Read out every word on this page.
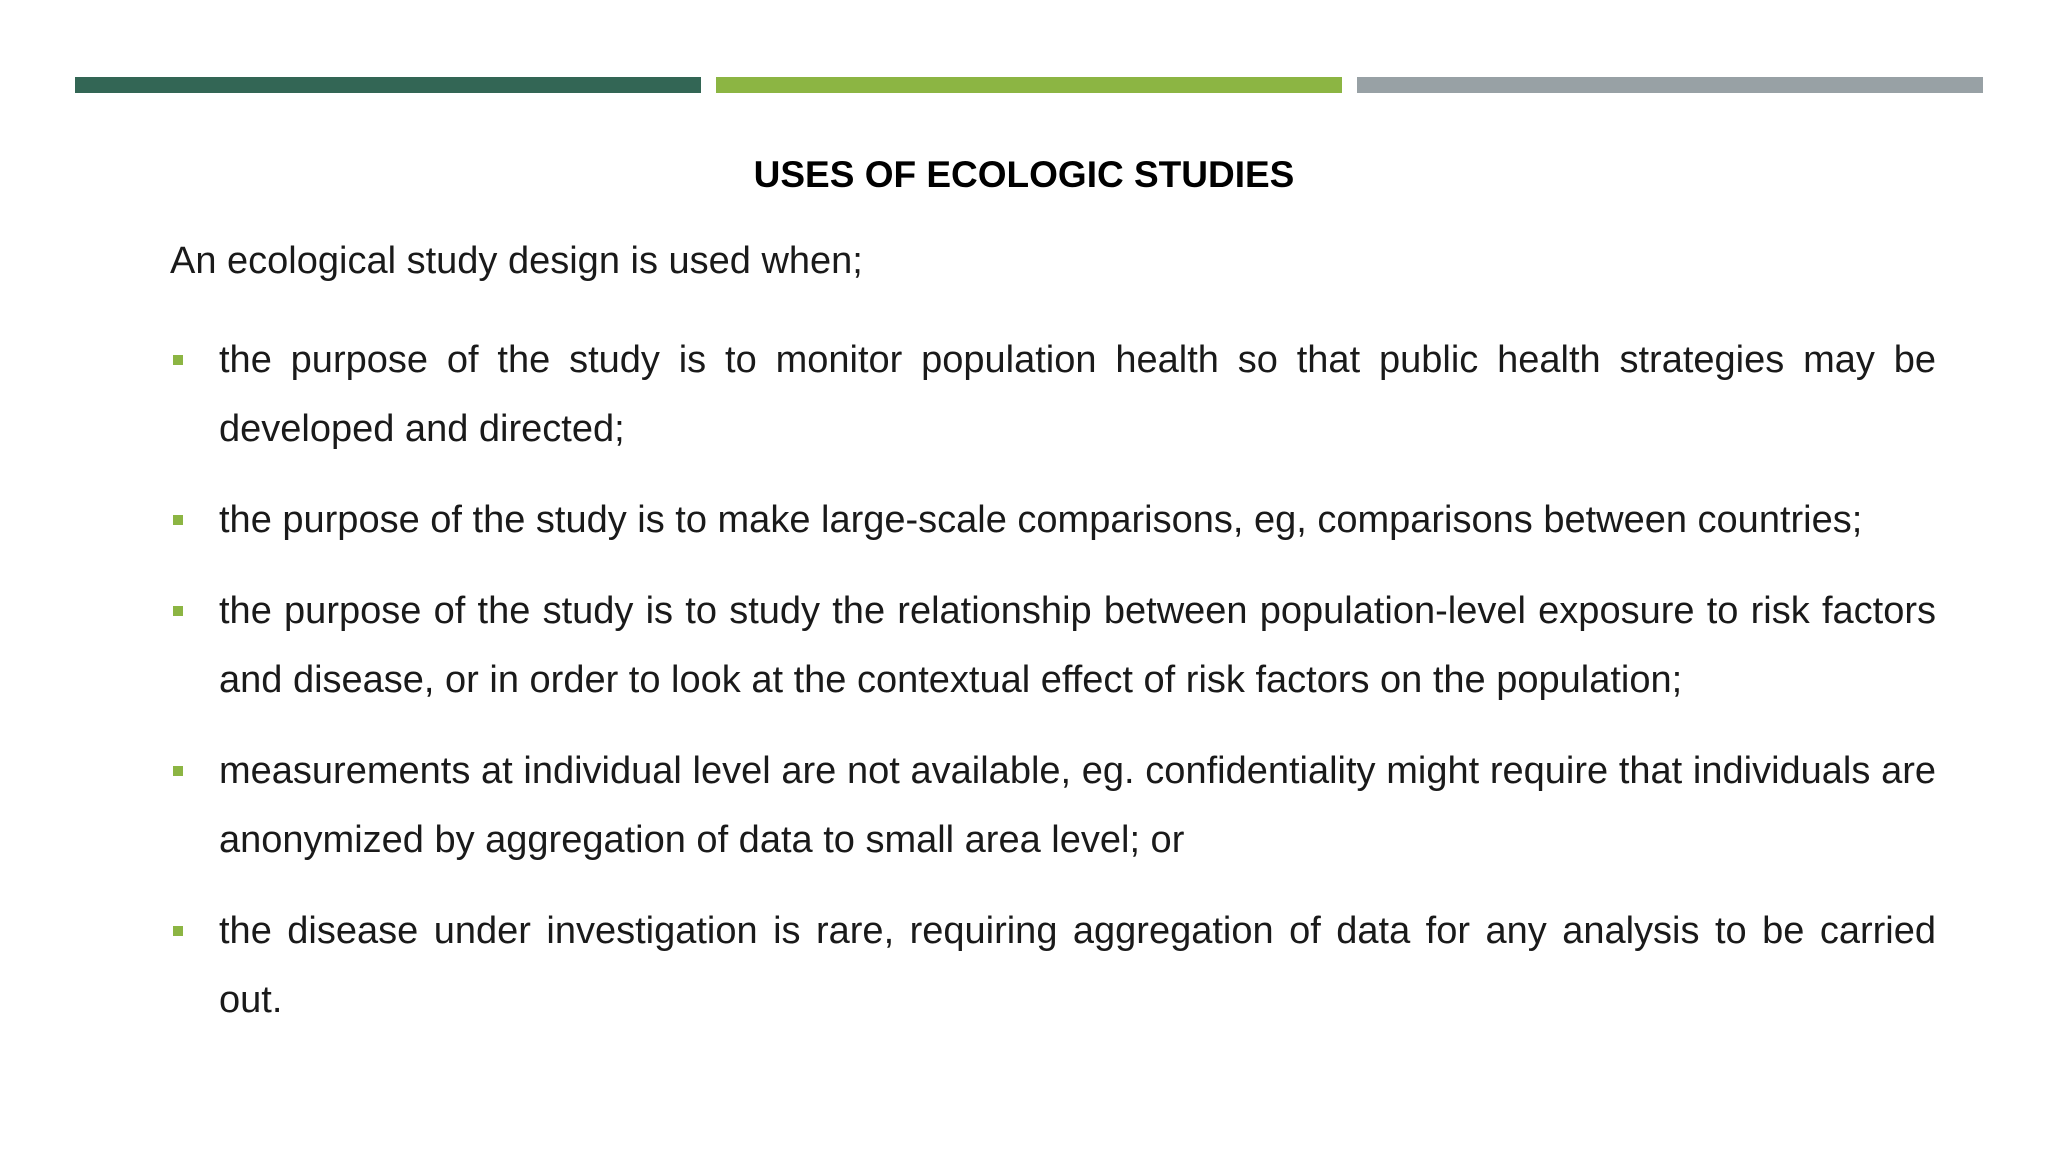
USES OF ECOLOGIC STUDIES

An ecological study design is used when;

the purpose of the study is to monitor population health so that public health strategies may be developed and directed;
the purpose of the study is to make large-scale comparisons, eg, comparisons between countries;
the purpose of the study is to study the relationship between population-level exposure to risk factors and disease, or in order to look at the contextual effect of risk factors on the population;
measurements at individual level are not available, eg. confidentiality might require that individuals are anonymized by aggregation of data to small area level; or
the disease under investigation is rare, requiring aggregation of data for any analysis to be carried out.
